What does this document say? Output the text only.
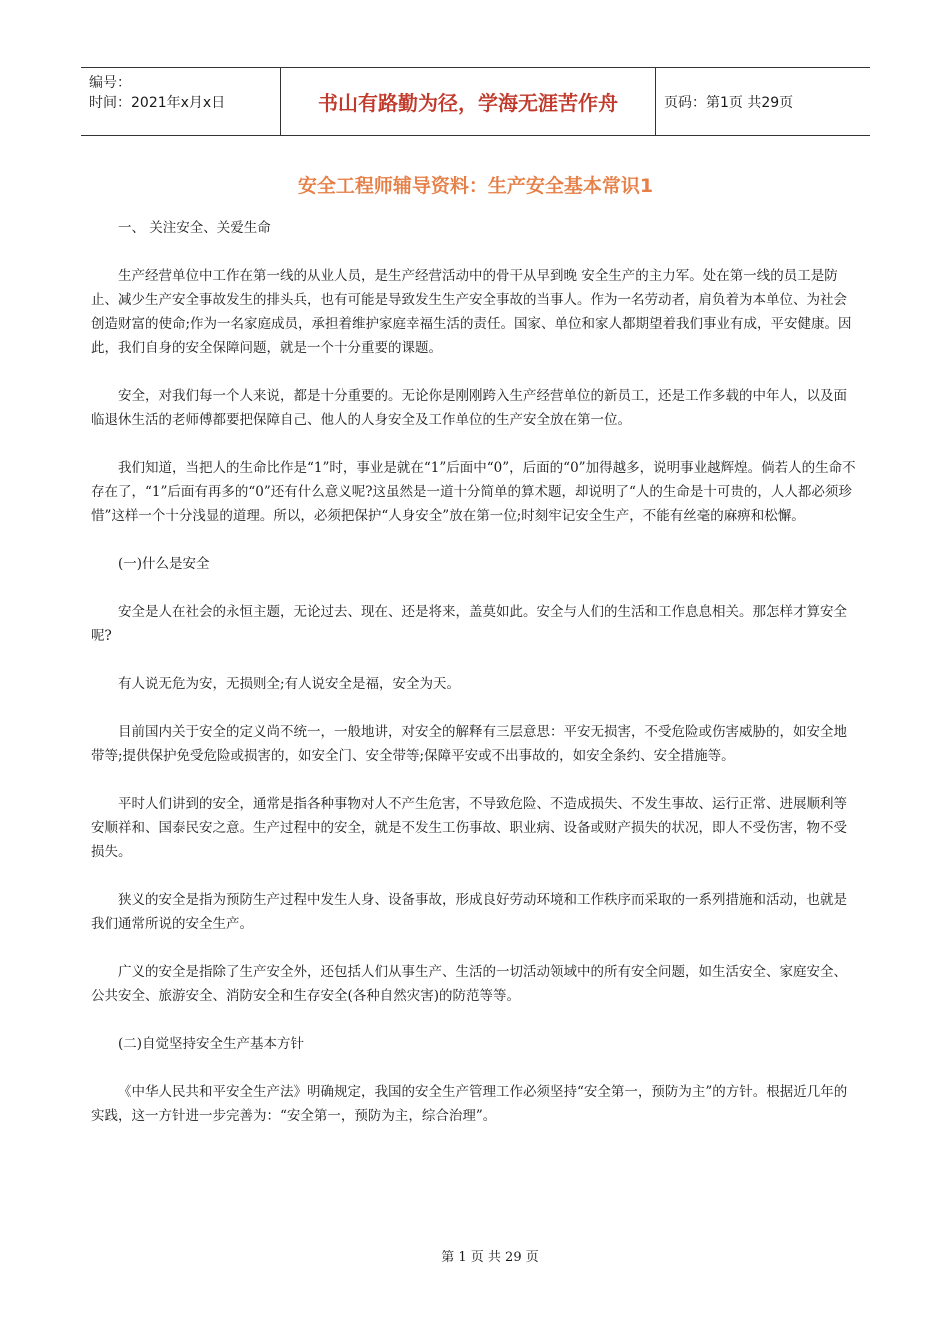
编号：
时间：2021年x月x日	书山有路勤为径，学海无涯苦作舟	页码：第1页 共29页
安全工程师辅导资料：生产安全基本常识1

一、 关注安全、关爱生命

生产经营单位中工作在第一线的从业人员，是生产经营活动中的骨干从早到晚 安全生产的主力军。处在第一线的员工是防止、减少生产安全事故发生的排头兵，也有可能是导致发生生产安全事故的当事人。作为一名劳动者，肩负着为本单位、为社会创造财富的使命;作为一名家庭成员，承担着维护家庭幸福生活的责任。国家、单位和家人都期望着我们事业有成，平安健康。因此，我们自身的安全保障问题，就是一个十分重要的课题。

安全，对我们每一个人来说，都是十分重要的。无论你是刚刚跨入生产经营单位的新员工，还是工作多载的中年人，以及面临退休生活的老师傅都要把保障自己、他人的人身安全及工作单位的生产安全放在第一位。

我们知道，当把人的生命比作是“1”时，事业是就在“1”后面中“0”，后面的“0”加得越多，说明事业越辉煌。倘若人的生命不存在了，“1”后面有再多的“0”还有什么意义呢?这虽然是一道十分简单的算术题，却说明了“人的生命是十可贵的，人人都必须珍惜”这样一个十分浅显的道理。所以，必须把保护“人身安全”放在第一位;时刻牢记安全生产，不能有丝毫的麻痹和松懈。

(一)什么是安全

安全是人在社会的永恒主题，无论过去、现在、还是将来，盖莫如此。安全与人们的生活和工作息息相关。那怎样才算安全呢?

有人说无危为安，无损则全;有人说安全是福，安全为天。

目前国内关于安全的定义尚不统一，一般地讲，对安全的解释有三层意思：平安无损害，不受危险或伤害威胁的，如安全地带等;提供保护免受危险或损害的，如安全门、安全带等;保障平安或不出事故的，如安全条约、安全措施等。

平时人们讲到的安全，通常是指各种事物对人不产生危害，不导致危险、不造成损失、不发生事故、运行正常、进展顺利等安顺祥和、国泰民安之意。生产过程中的安全，就是不发生工伤事故、职业病、设备或财产损失的状况，即人不受伤害，物不受损失。

狭义的安全是指为预防生产过程中发生人身、设备事故，形成良好劳动环境和工作秩序而采取的一系列措施和活动，也就是我们通常所说的安全生产。

广义的安全是指除了生产安全外，还包括人们从事生产、生活的一切活动领域中的所有安全问题，如生活安全、家庭安全、公共安全、旅游安全、消防安全和生存安全(各种自然灾害)的防范等等。

(二)自觉坚持安全生产基本方针

《中华人民共和平安全生产法》明确规定，我国的安全生产管理工作必须坚持“安全第一，预防为主”的方针。根据近几年的实践，这一方针进一步完善为：“安全第一，预防为主，综合治理”。

第 1 页 共 29 页
